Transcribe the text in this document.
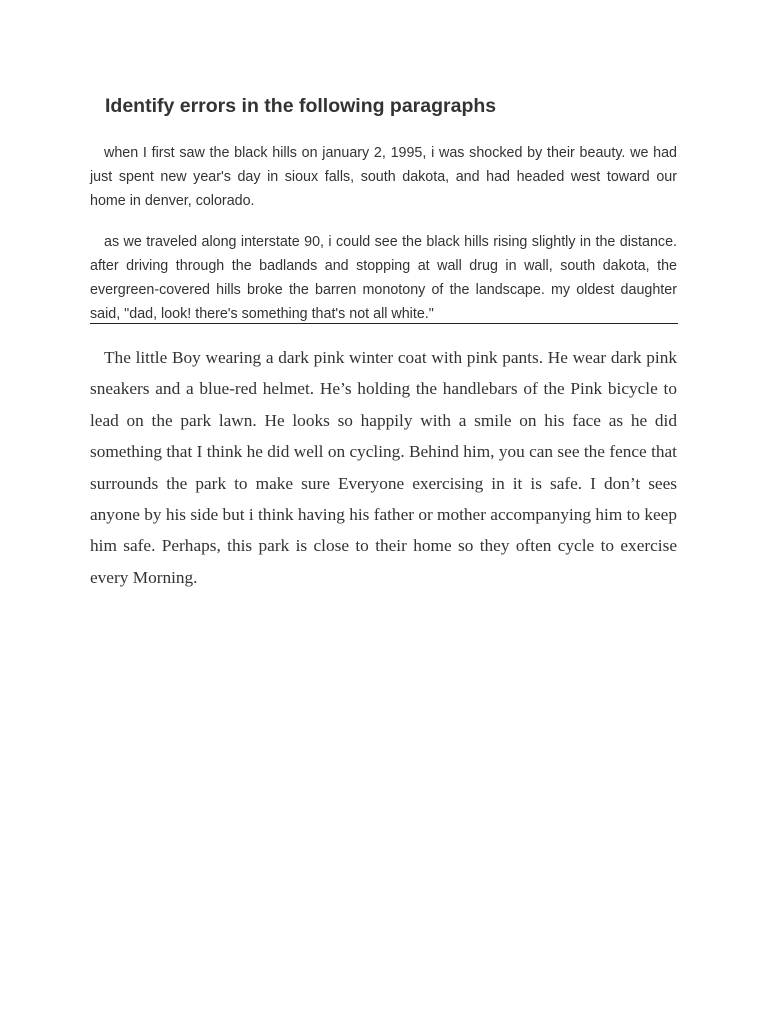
Identify errors in the following paragraphs

when I first saw the black hills on january 2, 1995, i was shocked by their beauty. we had just spent new year's day in sioux falls, south dakota, and had headed west toward our home in denver, colorado.

as we traveled along interstate 90, i could see the black hills rising slightly in the distance. after driving through the badlands and stopping at wall drug in wall, south dakota, the evergreen-covered hills broke the barren monotony of the landscape. my oldest daughter said, "dad, look! there's something that's not all white."

The little Boy wearing a dark pink winter coat with pink pants. He wear dark pink sneakers and a blue-red helmet. He’s holding the handlebars of the Pink bicycle to lead on the park lawn. He looks so happily with a smile on his face as he did something that I think he did well on cycling. Behind him, you can see the fence that surrounds the park to make sure Everyone exercising in it is safe. I don’t sees anyone by his side but i think having his father or mother accompanying him to keep him safe. Perhaps, this park is close to their home so they often cycle to exercise every Morning.
